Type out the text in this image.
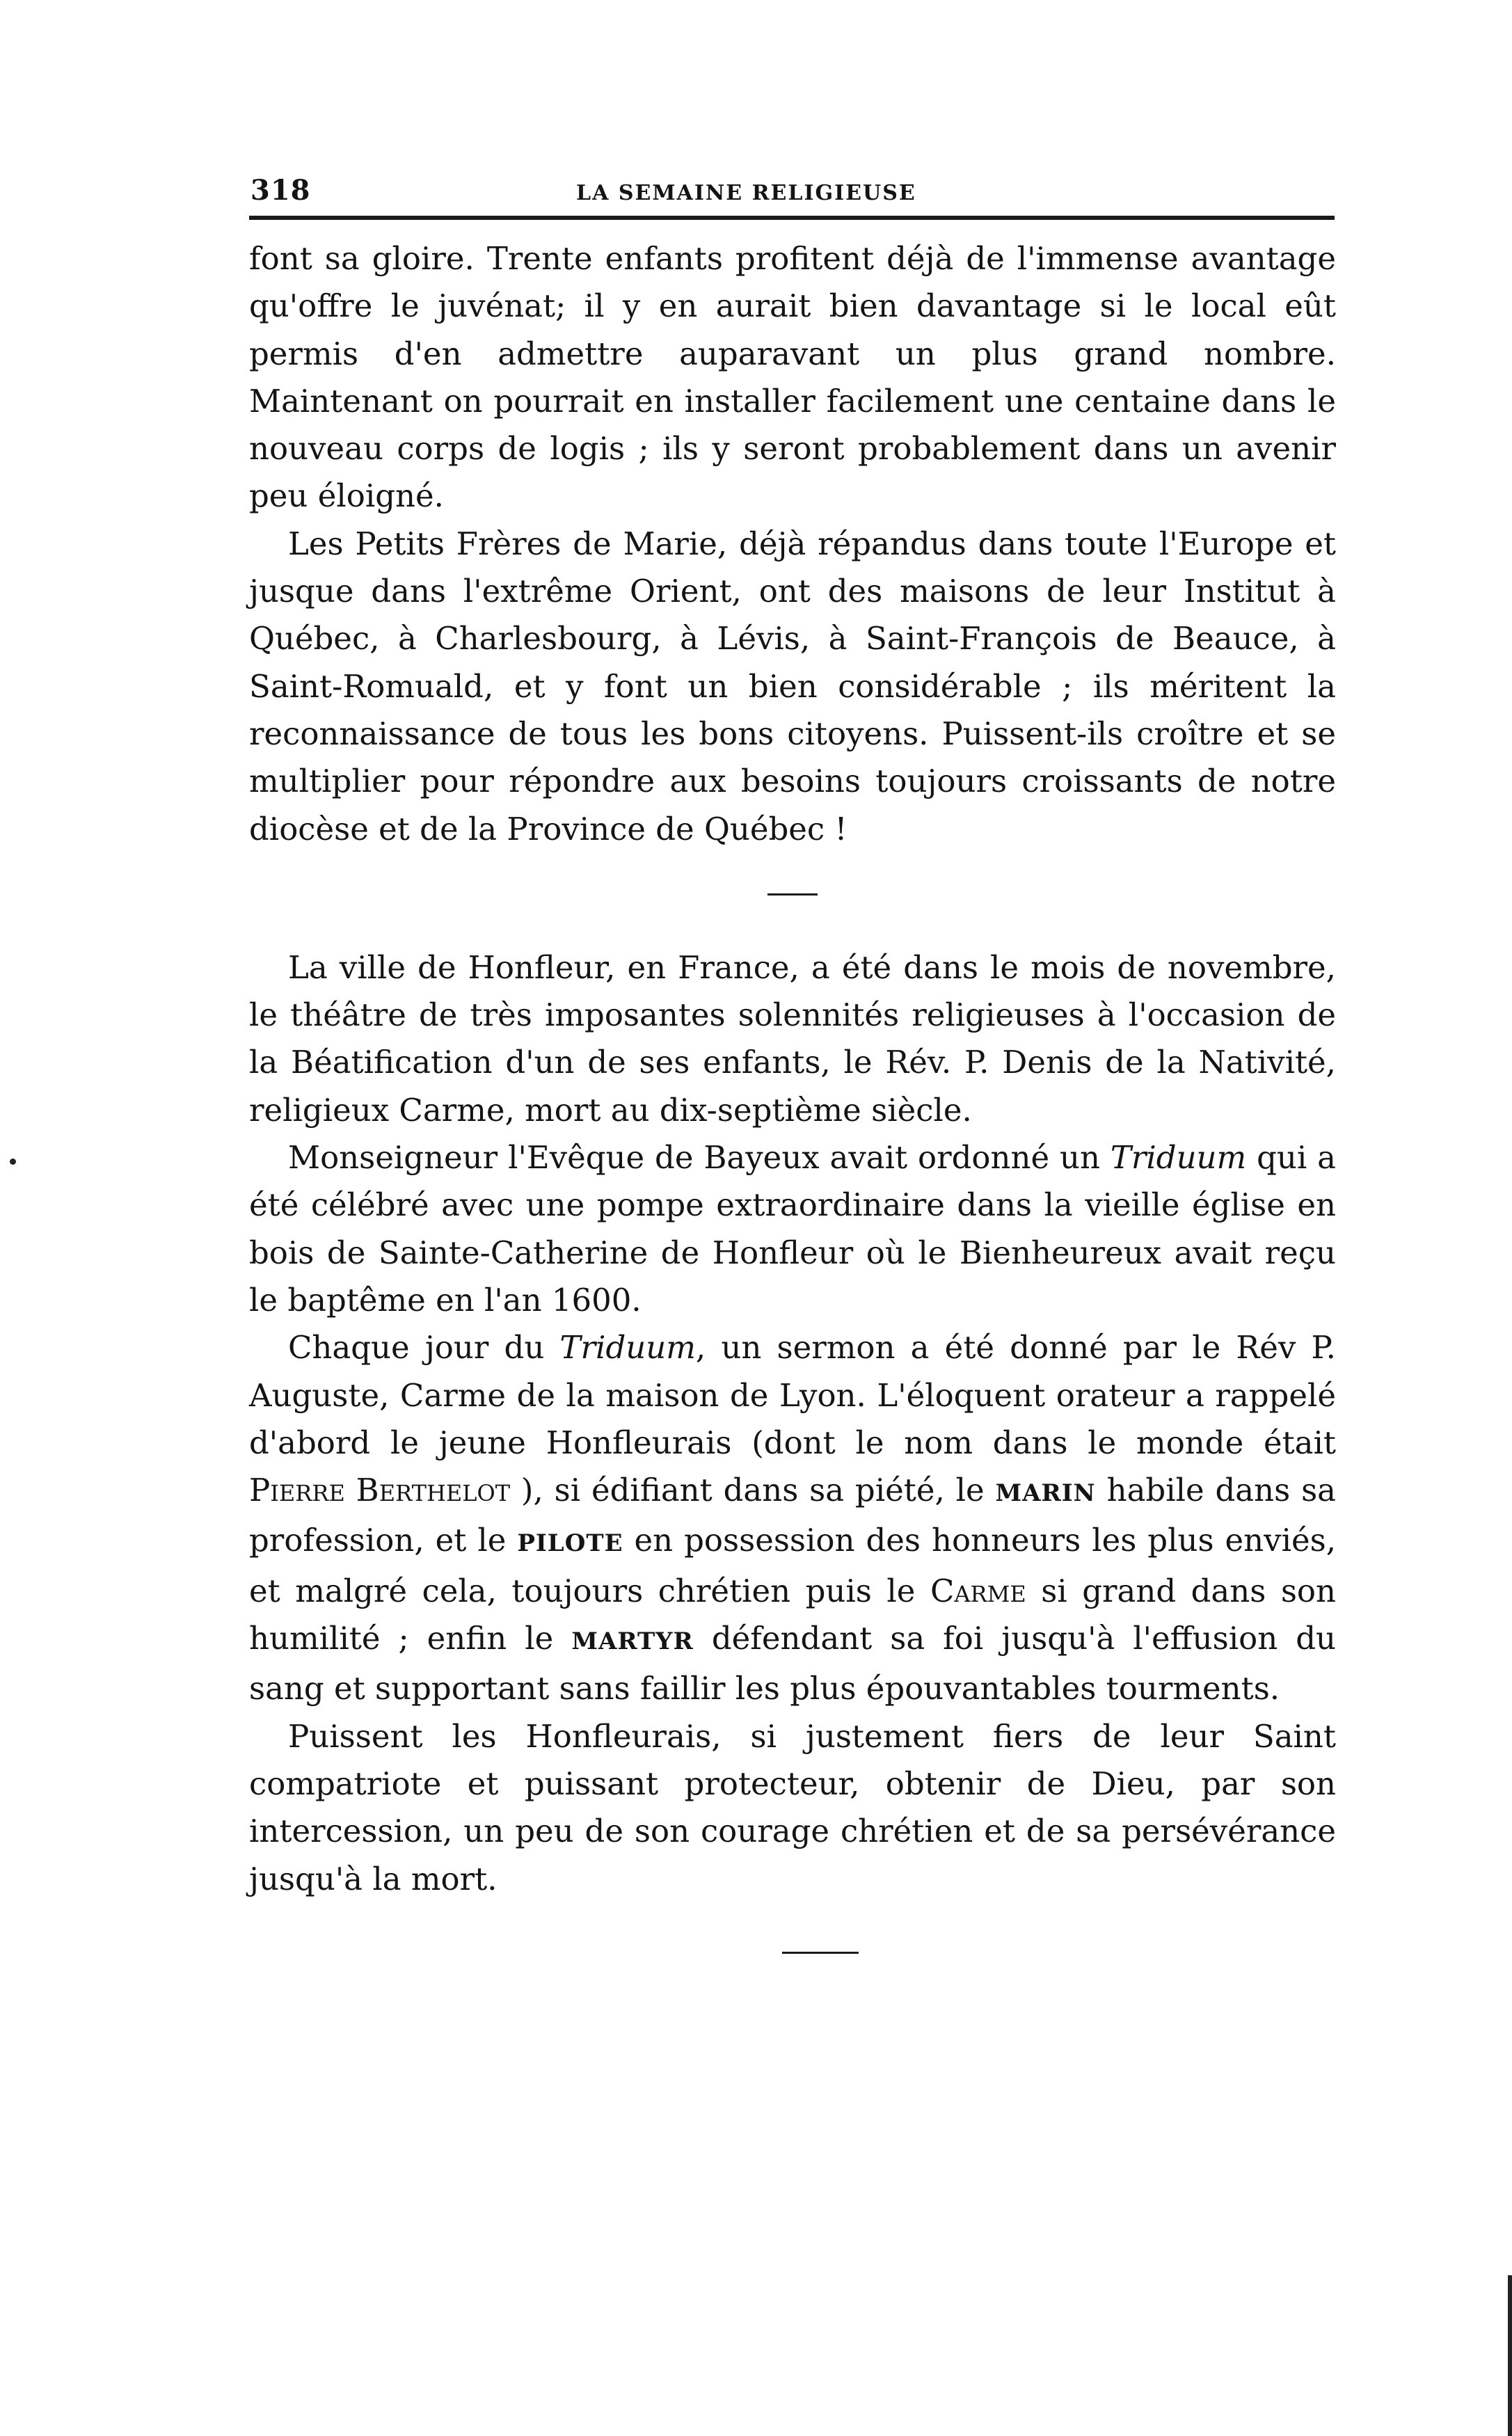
318	LA SEMAINE RELIGIEUSE

font sa gloire. Trente enfants profitent déjà de l'immense avantage qu'offre le juvénat; il y en aurait bien davantage si le local eût permis d'en admettre auparavant un plus grand nombre. Maintenant on pourrait en installer facilement une centaine dans le nouveau corps de logis ; ils y seront probablement dans un avenir peu éloigné.

Les Petits Frères de Marie, déjà répandus dans toute l'Europe et jusque dans l'extrême Orient, ont des maisons de leur Institut à Québec, à Charlesbourg, à Lévis, à Saint-François de Beauce, à Saint-Romuald, et y font un bien considérable ; ils méritent la reconnaissance de tous les bons citoyens. Puissent-ils croître et se multiplier pour répondre aux besoins toujours croissants de notre diocèse et de la Province de Québec !

La ville de Honfleur, en France, a été dans le mois de novembre, le théâtre de très imposantes solennités religieuses à l'occasion de la Béatification d'un de ses enfants, le Rév. P. Denis de la Nativité, religieux Carme, mort au dix-septième siècle.

Monseigneur l'Evêque de Bayeux avait ordonné un Triduum qui a été célébré avec une pompe extraordinaire dans la vieille église en bois de Sainte-Catherine de Honfleur où le Bienheureux avait reçu le baptême en l'an 1600.

Chaque jour du Triduum, un sermon a été donné par le Rév P. Auguste, Carme de la maison de Lyon. L'éloquent orateur a rappelé d'abord le jeune Honfleurais (dont le nom dans le monde était Pierre Berthelot ), si édifiant dans sa piété, le MARIN habile dans sa profession, et le PILOTE en possession des honneurs les plus enviés, et malgré cela, toujours chrétien puis le Carme si grand dans son humilité ; enfin le MARTYR défendant sa foi jusqu'à l'effusion du sang et supportant sans faillir les plus épouvantables tourments.

Puissent les Honfleurais, si justement fiers de leur Saint compatriote et puissant protecteur, obtenir de Dieu, par son intercession, un peu de son courage chrétien et de sa persévérance jusqu'à la mort.
